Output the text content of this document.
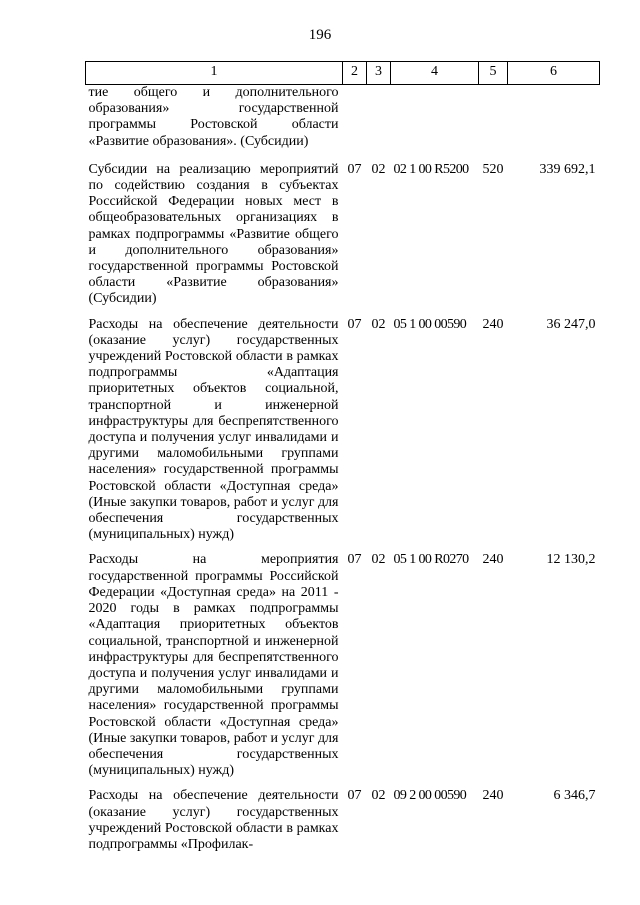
196
1	2	3	4	5	6
тие общего и дополнительного образования» государственной программы Ростовской области «Развитие образования». (Субсидии)					
Субсидии на реализацию мероприятий по содействию создания в субъектах Российской Федерации новых мест в общеобразовательных организациях в рамках подпрограммы «Развитие общего и дополнительного образования» государственной программы Ростовской области «Развитие образования» (Субсидии)	07	02	02 1 00 R5200	520	339 692,1
Расходы на обеспечение деятельности (оказание услуг) государственных учреждений Ростовской области в рамках подпрограммы «Адаптация приоритетных объектов социальной, транспортной и инженерной инфраструктуры для беспрепятственного доступа и получения услуг инвалидами и другими маломобильными группами населения» государственной программы Ростовской области «Доступная среда» (Иные закупки товаров, работ и услуг для обеспечения государственных (муниципальных) нужд)	07	02	05 1 00 00590	240	36 247,0
Расходы на мероприятия государственной программы Российской Федерации «Доступная среда» на 2011 - 2020 годы в рамках подпрограммы «Адаптация приоритетных объектов социальной, транспортной и инженерной инфраструктуры для беспрепятственного доступа и получения услуг инвалидами и другими маломобильными группами населения» государственной программы Ростовской области «Доступная среда» (Иные закупки товаров, работ и услуг для обеспечения государственных (муниципальных) нужд)	07	02	05 1 00 R0270	240	12 130,2
Расходы на обеспечение деятельности (оказание услуг) государственных учреждений Ростовской области в рамках подпрограммы «Профилак-	07	02	09 2 00 00590	240	6 346,7
